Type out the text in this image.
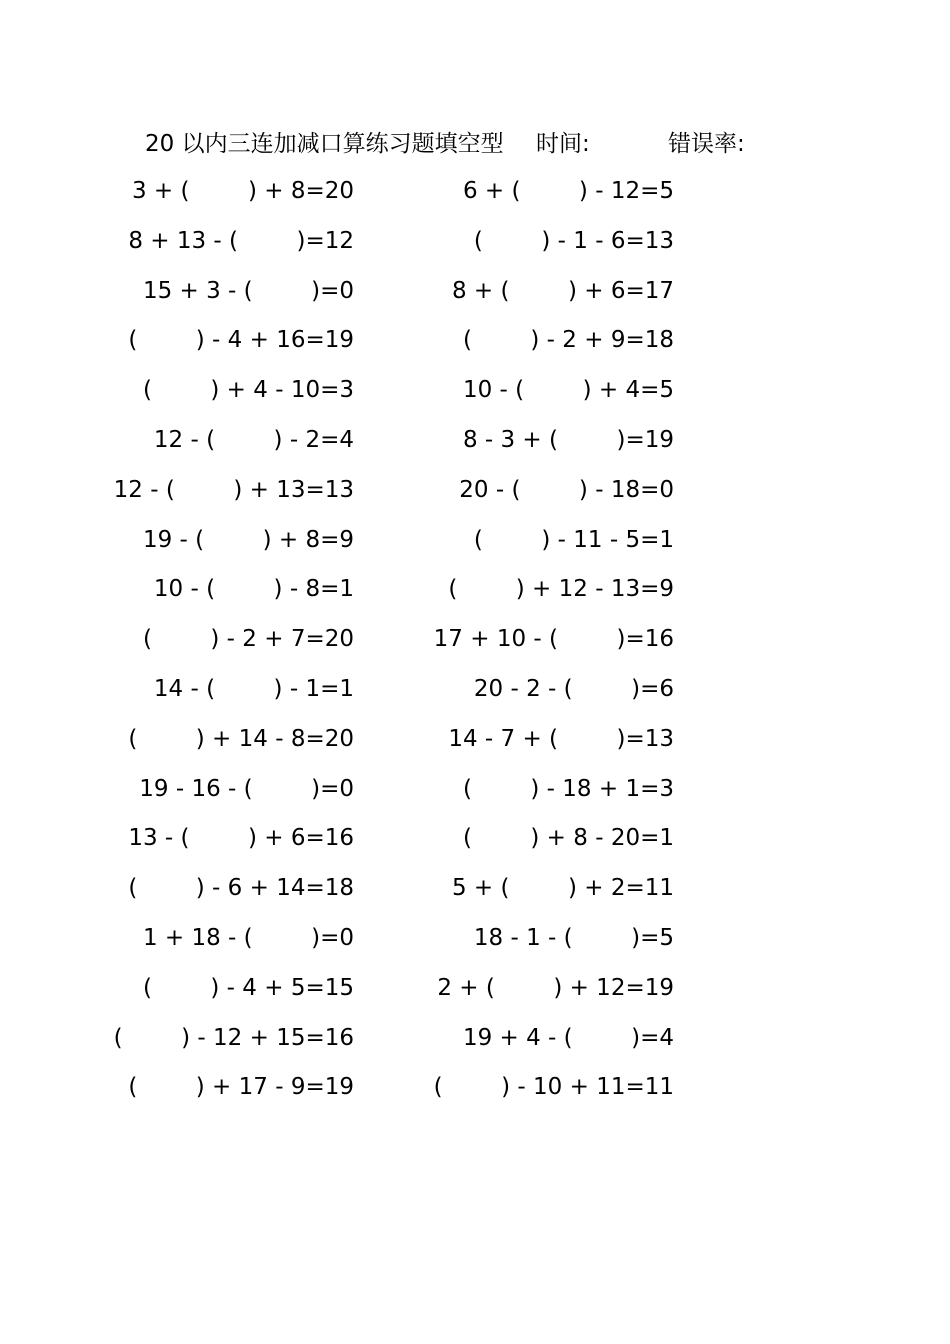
20 以内三连加减口算练习题填空型 时间:	错误率:
3 + (        ) + 8=20	6 + (        ) - 12=5
8 + 13 - (        )=12	(        ) - 1 - 6=13
15 + 3 - (        )=0	8 + (        ) + 6=17
(        ) - 4 + 16=19	(        ) - 2 + 9=18
(        ) + 4 - 10=3	10 - (        ) + 4=5
12 - (        ) - 2=4	8 - 3 + (        )=19
12 - (        ) + 13=13	20 - (        ) - 18=0
19 - (        ) + 8=9	(        ) - 11 - 5=1
10 - (        ) - 8=1	(        ) + 12 - 13=9
(        ) - 2 + 7=20	17 + 10 - (        )=16
14 - (        ) - 1=1	20 - 2 - (        )=6
(        ) + 14 - 8=20	14 - 7 + (        )=13
19 - 16 - (        )=0	(        ) - 18 + 1=3
13 - (        ) + 6=16	(        ) + 8 - 20=1
(        ) - 6 + 14=18	5 + (        ) + 2=11
1 + 18 - (        )=0	18 - 1 - (        )=5
(        ) - 4 + 5=15	2 + (        ) + 12=19
(        ) - 12 + 15=16	19 + 4 - (        )=4
(        ) + 17 - 9=19	(        ) - 10 + 11=11
